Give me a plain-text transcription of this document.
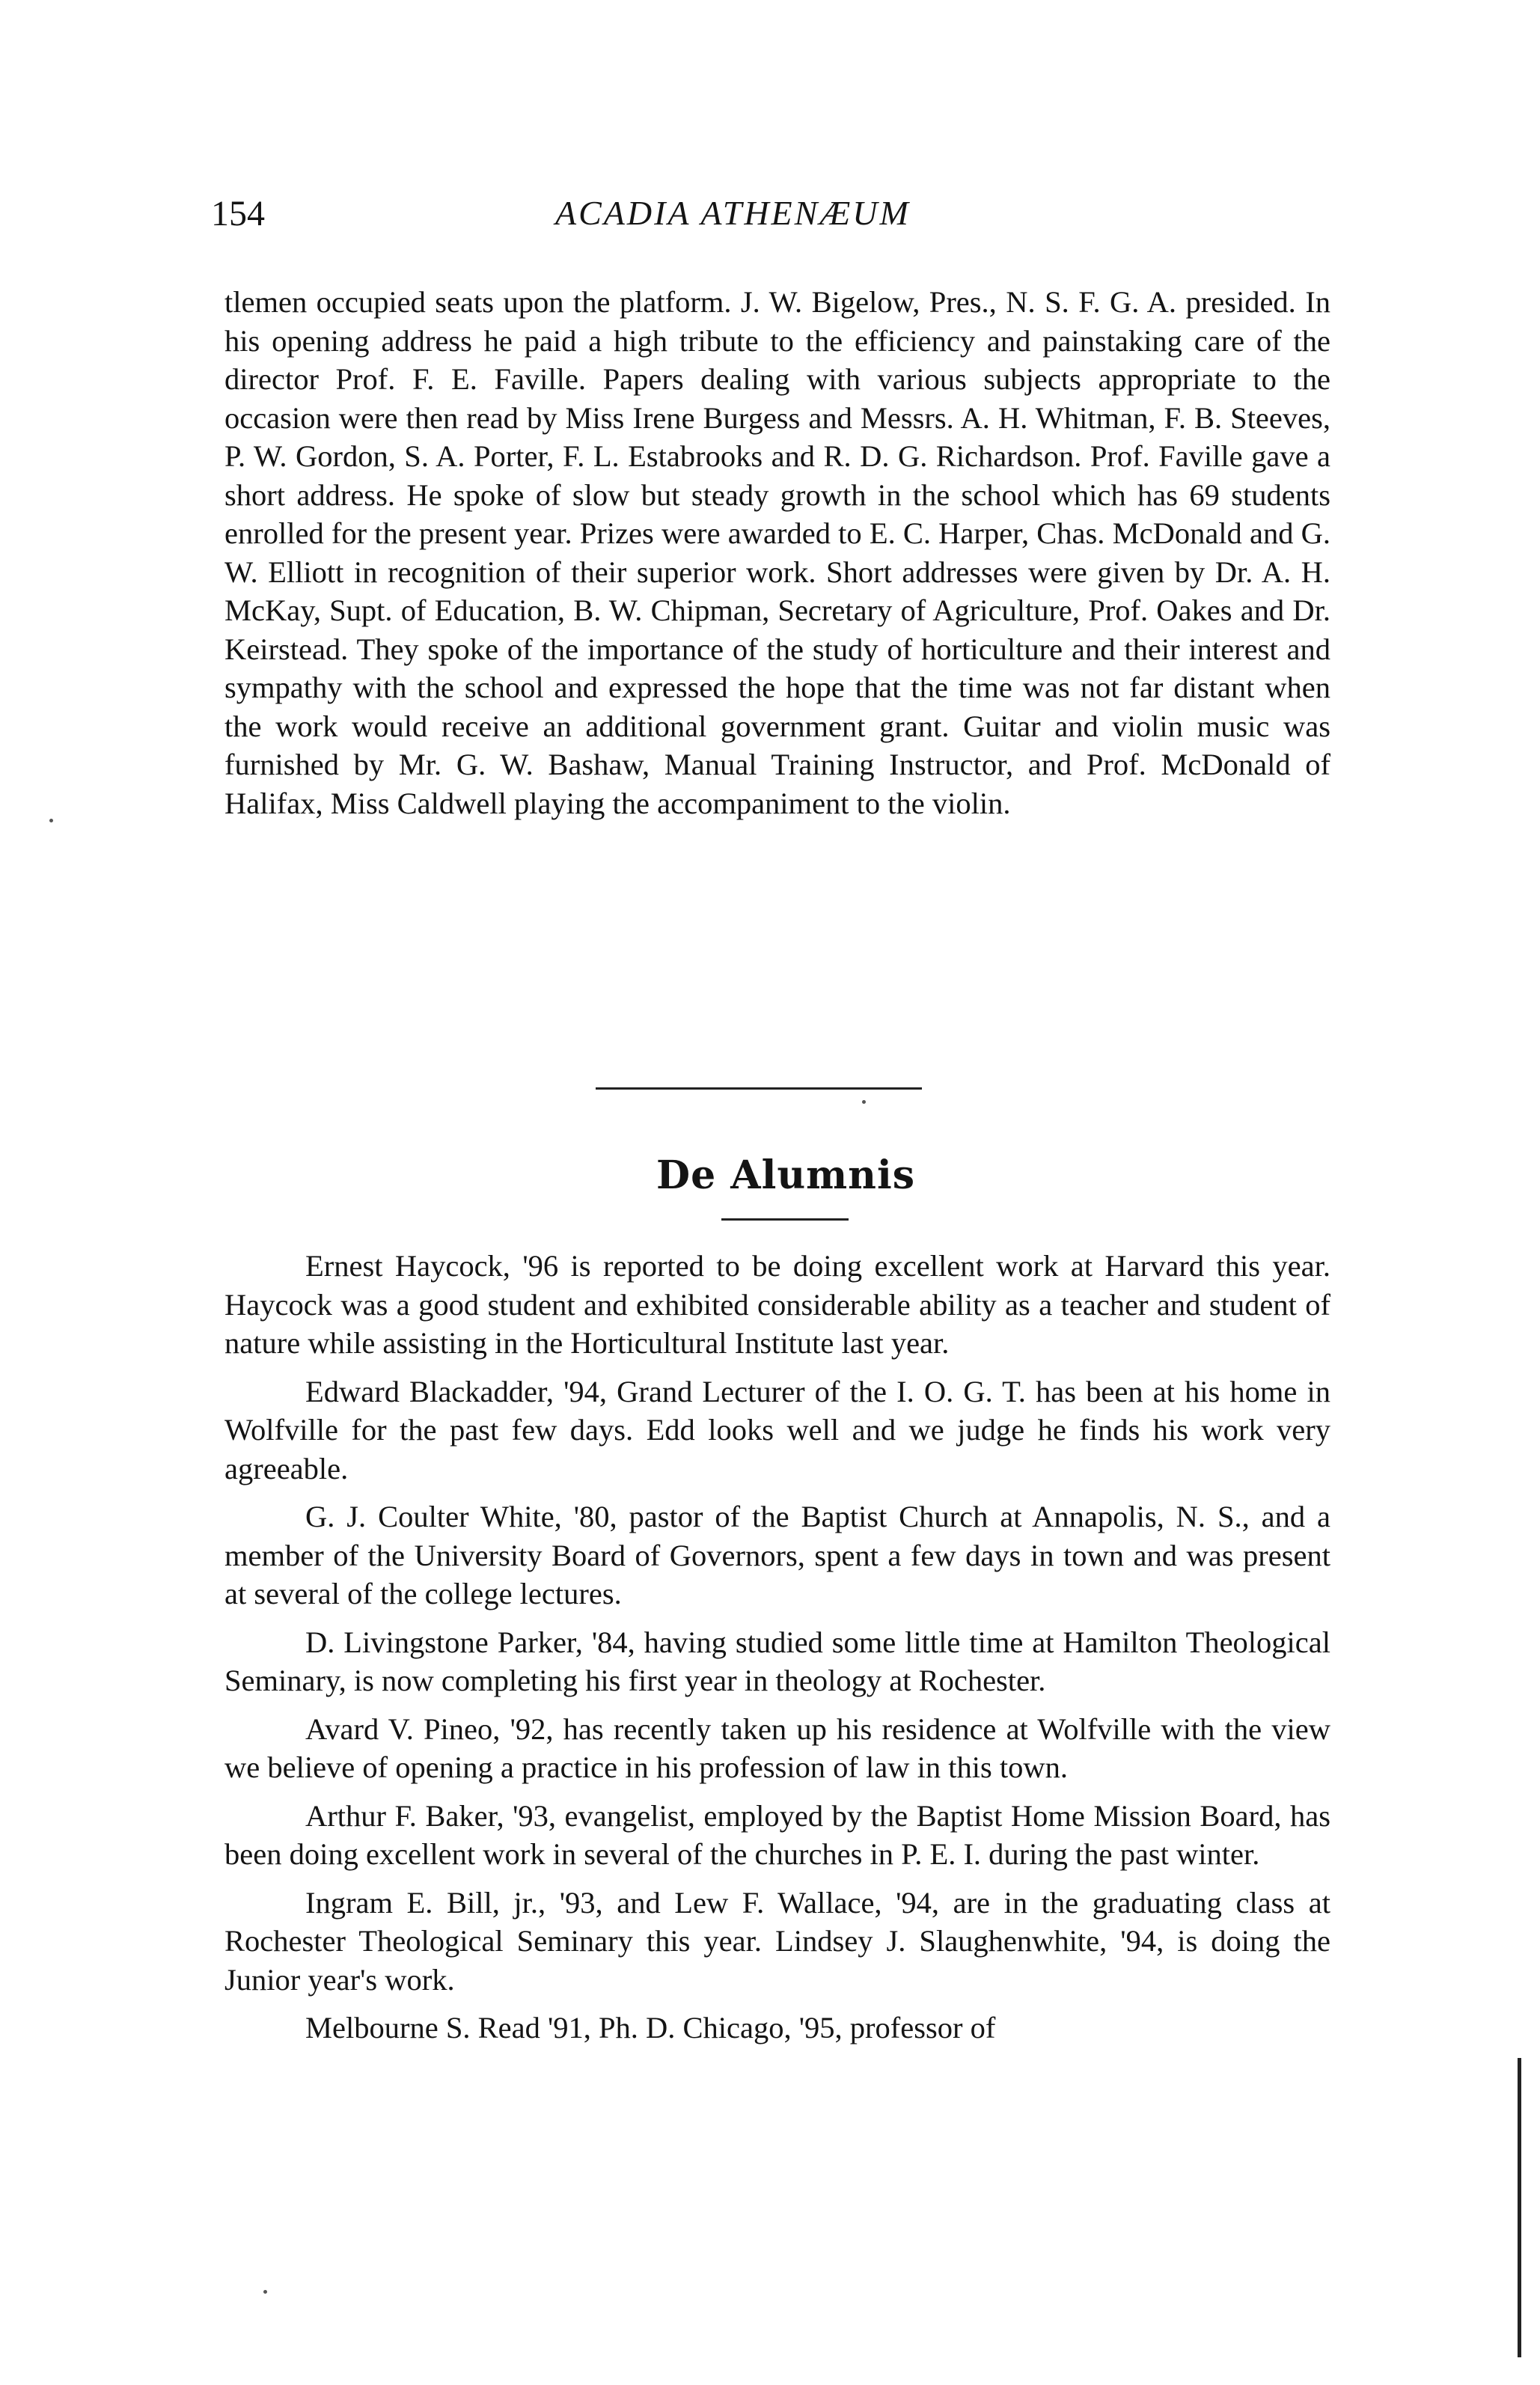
154	ACADIA ATHENÆUM

tlemen occupied seats upon the platform. J. W. Bigelow, Pres., N. S. F. G. A. presided. In his opening address he paid a high tribute to the efficiency and painstaking care of the director Prof. F. E. Faville. Papers dealing with various subjects appropriate to the occasion were then read by Miss Irene Burgess and Messrs. A. H. Whitman, F. B. Steeves, P. W. Gordon, S. A. Porter, F. L. Estabrooks and R. D. G. Richardson. Prof. Faville gave a short address. He spoke of slow but steady growth in the school which has 69 students enrolled for the present year. Prizes were awarded to E. C. Harper, Chas. McDonald and G. W. Elliott in recognition of their superior work. Short addresses were given by Dr. A. H. McKay, Supt. of Education, B. W. Chipman, Secretary of Agriculture, Prof. Oakes and Dr. Keirstead. They spoke of the importance of the study of horticulture and their interest and sympathy with the school and expressed the hope that the time was not far distant when the work would receive an additional government grant. Guitar and violin music was furnished by Mr. G. W. Bashaw, Manual Training Instructor, and Prof. McDonald of Halifax, Miss Caldwell playing the accompaniment to the violin.

De Alumnis

Ernest Haycock, '96 is reported to be doing excellent work at Harvard this year. Haycock was a good student and exhibited considerable ability as a teacher and student of nature while assisting in the Horticultural Institute last year.

Edward Blackadder, '94, Grand Lecturer of the I. O. G. T. has been at his home in Wolfville for the past few days. Edd looks well and we judge he finds his work very agreeable.

G. J. Coulter White, '80, pastor of the Baptist Church at Annapolis, N. S., and a member of the University Board of Governors, spent a few days in town and was present at several of the college lectures.

D. Livingstone Parker, '84, having studied some little time at Hamilton Theological Seminary, is now completing his first year in theology at Rochester.

Avard V. Pineo, '92, has recently taken up his residence at Wolfville with the view we believe of opening a practice in his profession of law in this town.

Arthur F. Baker, '93, evangelist, employed by the Baptist Home Mission Board, has been doing excellent work in several of the churches in P. E. I. during the past winter.

Ingram E. Bill, jr., '93, and Lew F. Wallace, '94, are in the graduating class at Rochester Theological Seminary this year. Lindsey J. Slaughenwhite, '94, is doing the Junior year's work.

Melbourne S. Read '91, Ph. D. Chicago, '95, professor of
